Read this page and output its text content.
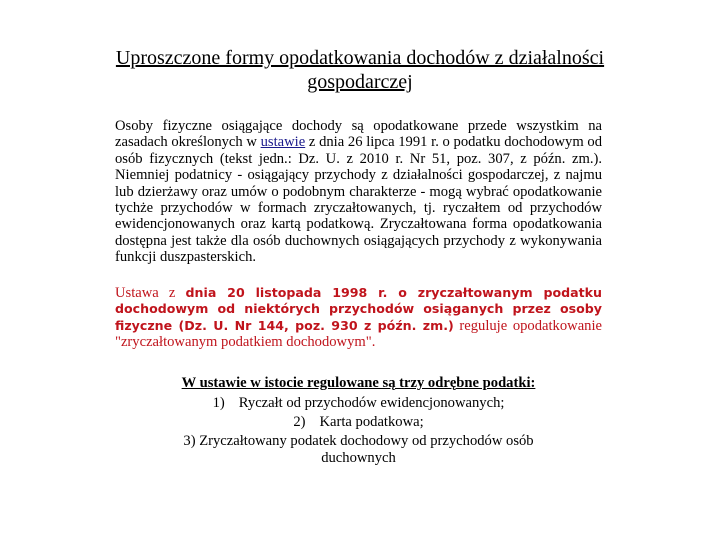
Uproszczone formy opodatkowania dochodów z działalności gospodarczej
Osoby fizyczne osiągające dochody są opodatkowane przede wszystkim na zasadach określonych w ustawie z dnia 26 lipca 1991 r. o podatku dochodowym od osób fizycznych (tekst jedn.: Dz. U. z 2010 r. Nr 51, poz. 307, z późn. zm.). Niemniej podatnicy - osiągający przychody z działalności gospodarczej, z najmu lub dzierżawy oraz umów o podobnym charakterze - mogą wybrać opodatkowanie tychże przychodów w formach zryczałtowanych, tj. ryczałtem od przychodów ewidencjonowanych oraz kartą podatkową. Zryczałtowana forma opodatkowania dostępna jest także dla osób duchownych osiągających przychody z wykonywania funkcji duszpasterskich.
Ustawa z dnia 20 listopada 1998 r. o zryczałtowanym podatku dochodowym od niektórych przychodów osiąganych przez osoby fizyczne (Dz. U. Nr 144, poz. 930 z późn. zm.) reguluje opodatkowanie "zryczałtowanym podatkiem dochodowym".
W ustawie w istocie regulowane są trzy odrębne podatki:
1) Ryczałt od przychodów ewidencjonowanych;
2) Karta podatkowa;
3) Zryczałtowany podatek dochodowy od przychodów osób duchownych
